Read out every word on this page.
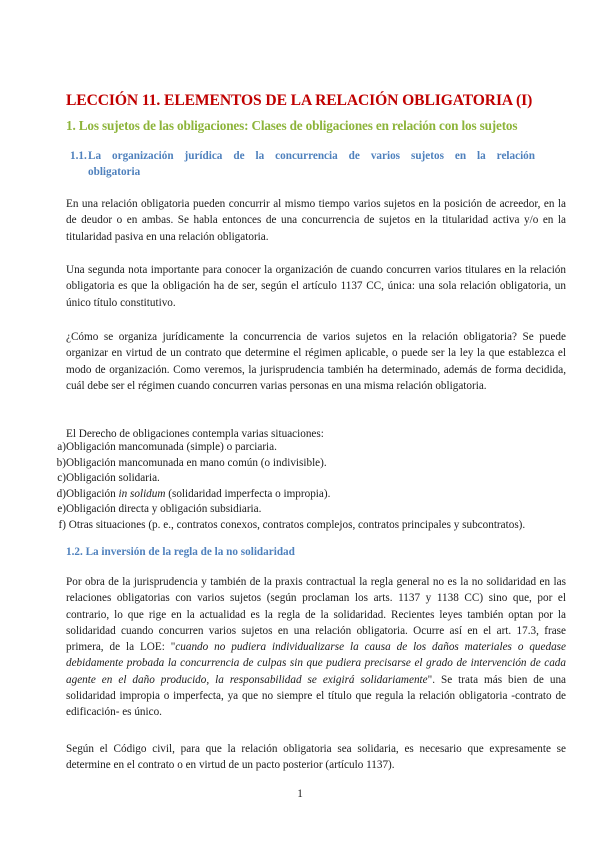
LECCIÓN 11. ELEMENTOS DE LA RELACIÓN OBLIGATORIA (I)
1. Los sujetos de las obligaciones: Clases de obligaciones en relación con los sujetos
1.1. La organización jurídica de la concurrencia de varios sujetos en la relación
obligatoria
En una relación obligatoria pueden concurrir al mismo tiempo varios sujetos en la posición de acreedor, en la de deudor o en ambas. Se habla entonces de una concurrencia de sujetos en la titularidad activa y/o en la titularidad pasiva en una relación obligatoria.
Una segunda nota importante para conocer la organización de cuando concurren varios titulares en la relación obligatoria es que la obligación ha de ser, según el artículo 1137 CC, única: una sola relación obligatoria, un único título constitutivo.
¿Cómo se organiza jurídicamente la concurrencia de varios sujetos en la relación obligatoria? Se puede organizar en virtud de un contrato que determine el régimen aplicable, o puede ser la ley la que establezca el modo de organización. Como veremos, la jurisprudencia también ha determinado, además de forma decidida, cuál debe ser el régimen cuando concurren varias personas en una misma relación obligatoria.
El Derecho de obligaciones contempla varias situaciones:
a)Obligación mancomunada (simple) o parciaria.
b)Obligación mancomunada en mano común (o indivisible).
c)Obligación solidaria.
d)Obligación in solidum (solidaridad imperfecta o impropia).
e)Obligación directa y obligación subsidiaria.
f) Otras situaciones (p. e., contratos conexos, contratos complejos, contratos principales y subcontratos).
1.2. La inversión de la regla de la no solidaridad
Por obra de la jurisprudencia y también de la praxis contractual la regla general no es la no solidaridad en las relaciones obligatorias con varios sujetos (según proclaman los arts. 1137 y 1138 CC) sino que, por el contrario, lo que rige en la actualidad es la regla de la solidaridad. Recientes leyes también optan por la solidaridad cuando concurren varios sujetos en una relación obligatoria. Ocurre así en el art. 17.3, frase primera, de la LOE: "cuando no pudiera individualizarse la causa de los daños materiales o quedase debidamente probada la concurrencia de culpas sin que pudiera precisarse el grado de intervención de cada agente en el daño producido, la responsabilidad se exigirá solidariamente". Se trata más bien de una solidaridad impropia o imperfecta, ya que no siempre el título que regula la relación obligatoria -contrato de edificación- es único.
Según el Código civil, para que la relación obligatoria sea solidaria, es necesario que expresamente se determine en el contrato o en virtud de un pacto posterior (artículo 1137).
1
